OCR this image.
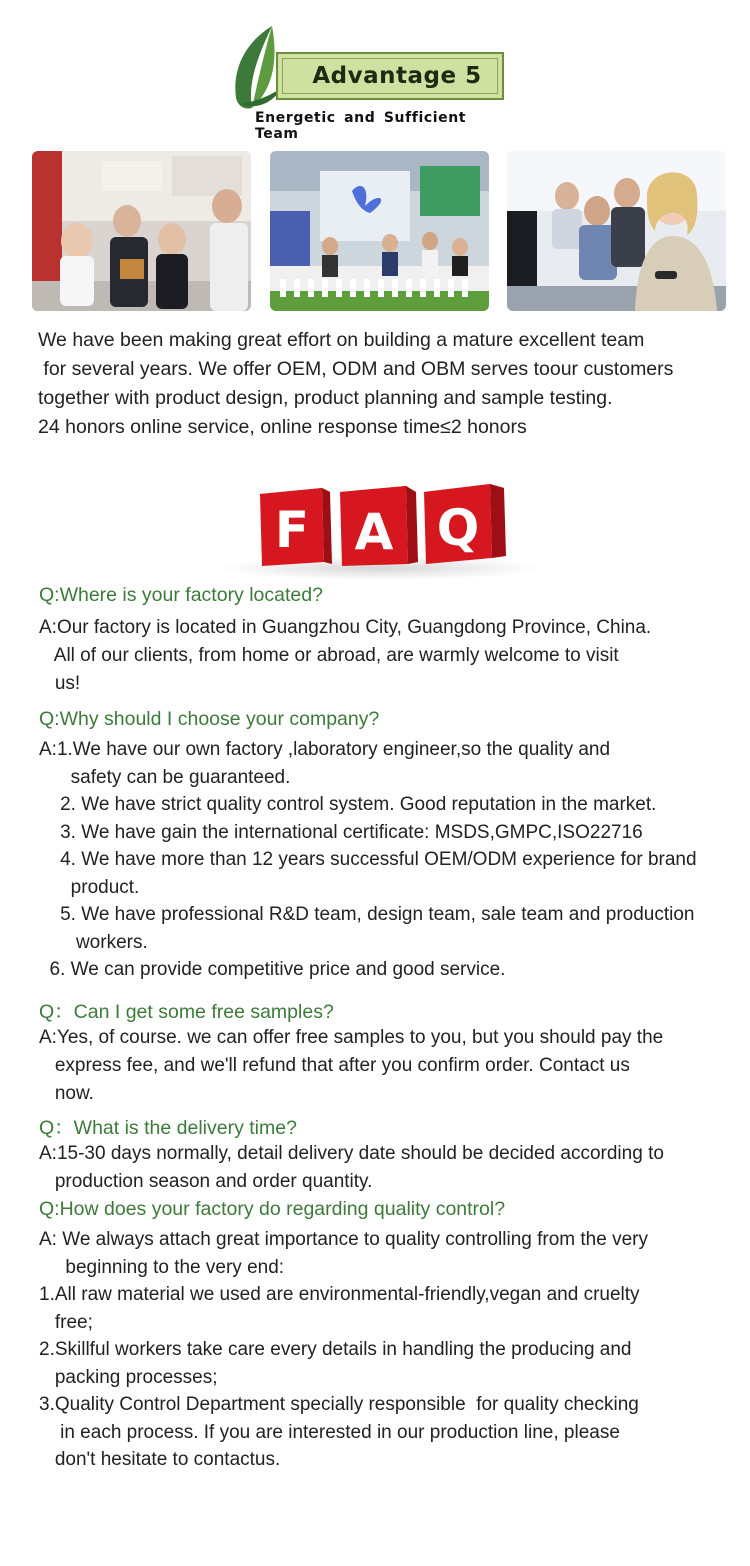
Advantage 5
Energetic and Sufficient Team
We have been making great effort on building a mature excellent team
for several years. We offer OEM, ODM and OBM serves toour customers
together with product design, product planning and sample testing.
24 honors online service, online response time≤2 honors
F A Q
Q:Where is your factory located?
A:Our factory is located in Guangzhou City, Guangdong Province, China.
All of our clients, from home or abroad, are warmly welcome to visit
us!
Q:Why should I choose your company?
A:1.We have our own factory ,laboratory engineer,so the quality and
safety can be guaranteed.
2. We have strict quality control system. Good reputation in the market.
3. We have gain the international certificate: MSDS,GMPC,ISO22716
4. We have more than 12 years successful OEM/ODM experience for brand
product.
5. We have professional R&D team, design team, sale team and production
workers.
6. We can provide competitive price and good service.
Q：Can I get some free samples?
A:Yes, of course. we can offer free samples to you, but you should pay the
express fee, and we'll refund that after you confirm order. Contact us
now.
Q：What is the delivery time?
A:15-30 days normally, detail delivery date should be decided according to
production season and order quantity.
Q:How does your factory do regarding quality control?
A: We always attach great importance to quality controlling from the very
beginning to the very end:
1.All raw material we used are environmental-friendly,vegan and cruelty
free;
2.Skillful workers take care every details in handling the producing and
packing processes;
3.Quality Control Department specially responsible  for quality checking
in each process. If you are interested in our production line, please
don't hesitate to contactus.
